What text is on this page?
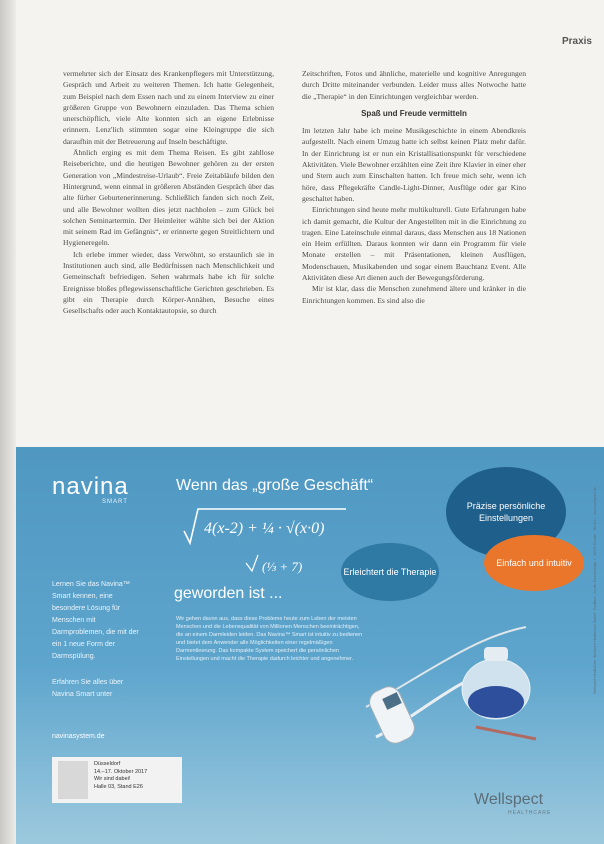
Praxis

vermehrter sich der Einsatz des Krankenpflegers mit Unterstützung, Gespräch und Arbeit zu weiteren Themen. Ich hatte Gelegenheit, zum Beispiel nach dem Essen nach und zu einem Interview zu einer größeren Gruppe von Bewohnern einzuladen. Das Thema schien unerschöpflich, viele Alte konnten sich an eigene Erlebnisse erinnern. Lenz'lich stimmten sogar eine Kleingruppe die sich daraufhin mit der Betreuerung auf Inseln beschäftigte.

Ähnlich erging es mit dem Thema Reisen. Es gibt zahllose Reiseberichte, und die heutigen Bewohner gehören zu der ersten Generation von „Mindestreise-Urlaub“. Freie Zeitabläufe bilden den Hintergrund, wenn einmal in größeren Abständen Gespräch über das alte fürher Geburtenerinnerung. Schließlich fanden sich noch Zeit, und alle Bewohner wollten dies jetzt nachholen – zum Glück bei solchen Seminartermin. Der Heimleiter wählte sich bei der Aktion mit seinem Rad im Gefängnis“, er erinnerte gegen Streitlichtern und Hygieneregeln.

Ich erlebe immer wieder, dass Verwöhnt, so erstaunlich sie in Institutionen auch sind, alle Bedürfnissen nach Menschlichkeit und Gemeinschaft befriedigen. Sehen wahrmals habe ich für solche Ereignisse bloßes pflegewissenschaftliche Gerichten geschrieben. Es gibt ein Therapie durch Körper-Annähen, Besuche eines Gesellschafts oder auch Kontaktautopsie, so durch

Zeitschriften, Fotos und ähnliche, materielle und kognitive Anregungen durch Dritte miteinander verbunden. Leider muss alles Notwoche hatte die „Therapie“ in den Einrichtungen vergleichbar werden.

Spaß und Freude vermitteln

Im letzten Jahr habe ich meine Musikgeschichte in einem Abendkreis aufgestellt. Nach einem Umzug hatte ich selbst keinen Platz mehr dafür. In der Einrichtung ist er nun ein Kristallisationspunkt für verschiedene Aktivitäten. Viele Bewohner erzählten eine Zeit ihre Klavier in einer eher und Stern auch zum Einschalten hatten. Ich freue mich sehr, wenn ich höre, dass Pflegekräfte Candle-Light-Dinner, Ausflüge oder gar Kino geschaltet haben.

Einrichtungen sind heute mehr multikulturell. Gute Erfahrungen habe ich damit gemacht, die Kultur der Angestellten mit in die Einrichtung zu tragen. Eine Lateinschule einmal daraus, dass Menschen aus 18 Nationen ein Heim erfüllten. Daraus konnten wir dann ein Programm für viele Monate erstellen – mit Präsentationen, kleinen Ausflügen, Modenschauen, Musikabenden und sogar einem Bauchtanz Event. Alle Aktivitäten diese Art dienen auch der Bewegungsförderung.

Mir ist klar, dass die Menschen zunehmend ältere und kränker in die Einrichtungen kommen. Es sind also die

navina
SMART
Wenn das „große Geschäft“
4(x-2) + ¼ · √(x·0)
(⅓ + 7)
geworden ist ...
Präzise persönliche Einstellungen
Erleichtert die Therapie
Einfach und intuitiv
Lernen Sie das Navina™ Smart kennen, eine besondere Lösung für Menschen mit Darmproblemen, die mit der ein 1 neue Form der Darmspülung.
Erfahren Sie alles über Navina Smart unter
navinasystem.de
Wir gehen davon aus, dass diese Probleme heute zum Leben der meisten Menschen und die Lebensqualität von Millionen Menschen beeinträchtigen, die an einem Darmleiden leiden. Das Navina™ Smart ist intuitiv zu bedienen und bietet dem Anwender alle Möglichkeiten einer regelmäßigen Darmentleerung. Das kompakte System speichert die persönlichen Einstellungen und macht die Therapie dadurch leichter und angenehmer.
Düsseldorf
14.–17. Oktober 2017
Wir sind dabei!
Halle 03, Stand E26
Wellspect
HEALTHCARE
Wellspect HealthCare, Wellspect HealthCare GmbH · Postfach · An der Kümmerlings 1 · 40699 Erkrath · Tel 0211 · www.wellspect.de
